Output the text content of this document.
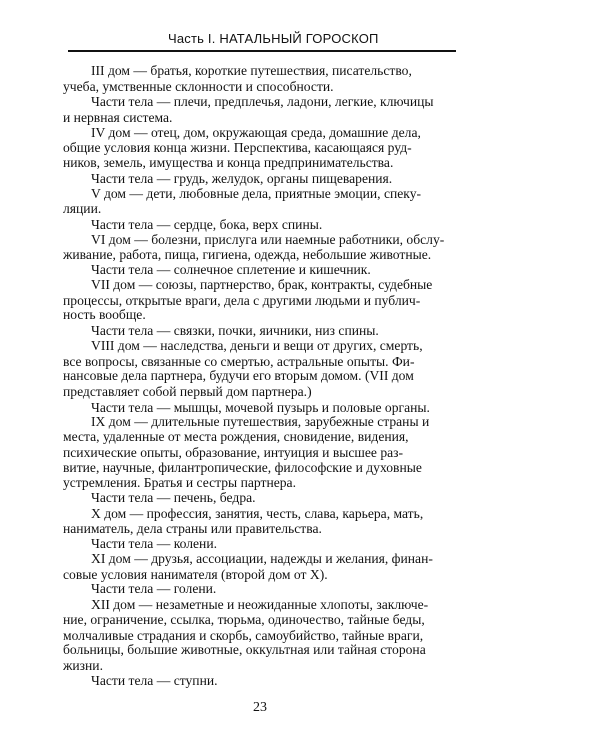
Часть I. НАТАЛЬНЫЙ ГОРОСКОП
III дом — братья, короткие путешествия, писательство,
учеба, умственные склонности и способности.
Части тела — плечи, предплечья, ладони, легкие, ключицы
и нервная система.
IV дом — отец, дом, окружающая среда, домашние дела,
общие условия конца жизни. Перспектива, касающаяся руд-
ников, земель, имущества и конца предпринимательства.
Части тела — грудь, желудок, органы пищеварения.
V дом — дети, любовные дела, приятные эмоции, спеку-
ляции.
Части тела — сердце, бока, верх спины.
VI дом — болезни, прислуга или наемные работники, обслу-
живание, работа, пища, гигиена, одежда, небольшие животные.
Части тела — солнечное сплетение и кишечник.
VII дом — союзы, партнерство, брак, контракты, судебные
процессы, открытые враги, дела с другими людьми и публич-
ность вообще.
Части тела — связки, почки, яичники, низ спины.
VIII дом — наследства, деньги и вещи от других, смерть,
все вопросы, связанные со смертью, астральные опыты. Фи-
нансовые дела партнера, будучи его вторым домом. (VII дом
представляет собой первый дом партнера.)
Части тела — мышцы, мочевой пузырь и половые органы.
IX дом — длительные путешествия, зарубежные страны и
места, удаленные от места рождения, сновидение, видения,
психические опыты, образование, интуиция и высшее раз-
витие, научные, филантропические, философские и духовные
устремления. Братья и сестры партнера.
Части тела — печень, бедра.
X дом — профессия, занятия, честь, слава, карьера, мать,
наниматель, дела страны или правительства.
Части тела — колени.
XI дом — друзья, ассоциации, надежды и желания, финан-
совые условия нанимателя (второй дом от X).
Части тела — голени.
XII дом — незаметные и неожиданные хлопоты, заключе-
ние, ограничение, ссылка, тюрьма, одиночество, тайные беды,
молчаливые страдания и скорбь, самоубийство, тайные враги,
больницы, большие животные, оккультная или тайная сторона
жизни.
Части тела — ступни.
23
